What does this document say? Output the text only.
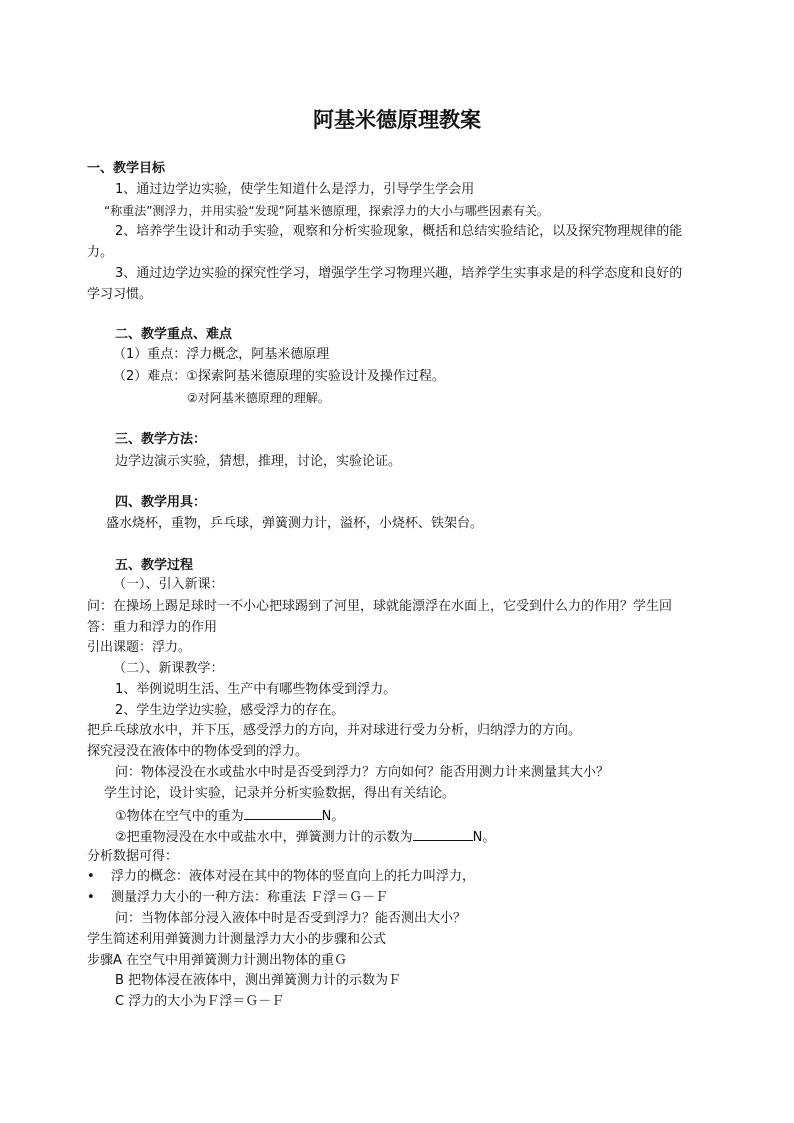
阿基米德原理教案
一、教学目标
1、通过边学边实验，使学生知道什么是浮力，引导学生学会用
“称重法”测浮力，并用实验“发现”阿基米德原理，探索浮力的大小与哪些因素有关。
2、培养学生设计和动手实验，观察和分析实验现象，概括和总结实验结论，以及探究物理规律的能
力。
3、通过边学边实验的探究性学习，增强学生学习物理兴趣，培养学生实事求是的科学态度和良好的
学习习惯。
二、教学重点、难点
（1）重点：浮力概念，阿基米德原理
（2）难点：①探索阿基米德原理的实验设计及操作过程。
②对阿基米德原理的理解。
三、教学方法：
边学边演示实验，猜想，推理，讨论，实验论证。
四、教学用具：
盛水烧杯，重物，乒乓球，弹簧测力计，溢杯，小烧杯、铁架台。
五、教学过程
（一）、引入新课：
问：在操场上踢足球时一不小心把球踢到了河里，球就能漂浮在水面上，它受到什么力的作用？学生回
答：重力和浮力的作用
引出课题：浮力。
（二）、新课教学：
1、举例说明生活、生产中有哪些物体受到浮力。
2、学生边学边实验，感受浮力的存在。
把乒乓球放水中，并下压，感受浮力的方向，并对球进行受力分析，归纳浮力的方向。
探究浸没在液体中的物体受到的浮力。
问：物体浸没在水或盐水中时是否受到浮力？方向如何？能否用测力计来测量其大小？
学生讨论，设计实验，记录并分析实验数据，得出有关结论。
①物体在空气中的重为	N。
②把重物浸没在水中或盐水中，弹簧测力计的示数为	N。
分析数据可得：
• 浮力的概念：液体对浸在其中的物体的竖直向上的托力叫浮力，
• 测量浮力大小的一种方法：称重法 Ｆ浮＝Ｇ－Ｆ
问：当物体部分浸入液体中时是否受到浮力？能否测出大小？
学生简述利用弹簧测力计测量浮力大小的步骤和公式
步骤A 在空气中用弹簧测力计测出物体的重Ｇ
B 把物体浸在液体中，测出弹簧测力计的示数为Ｆ
C 浮力的大小为Ｆ浮＝Ｇ－Ｆ
